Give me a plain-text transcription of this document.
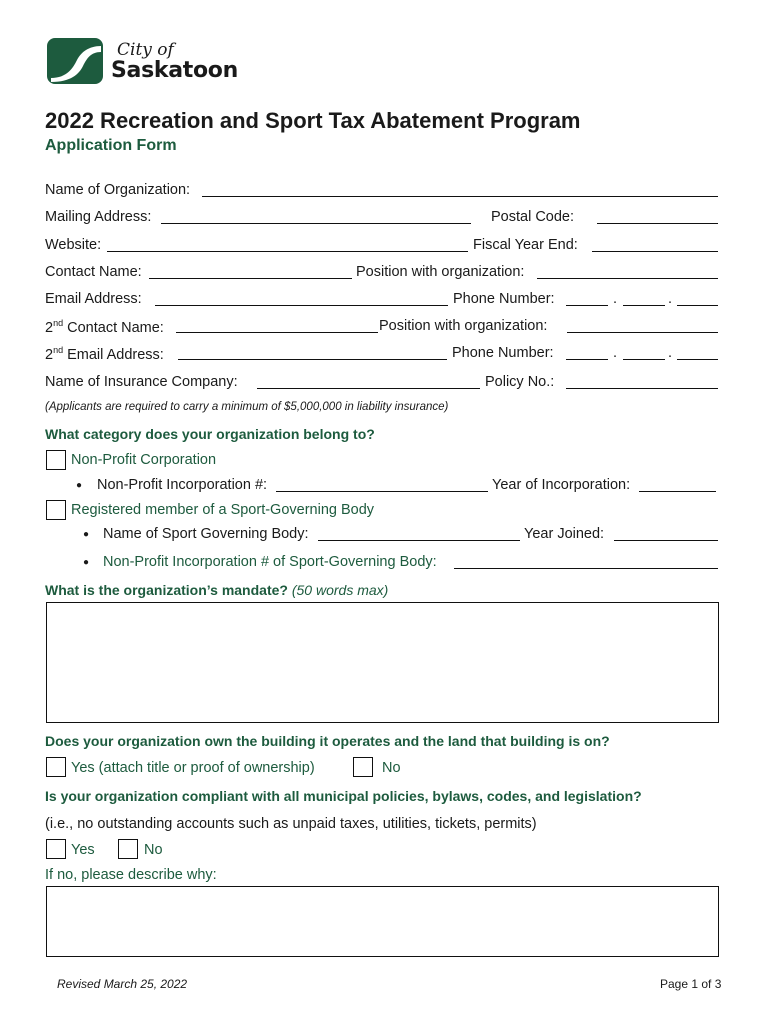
City of
Saskatoon
2022 Recreation and Sport Tax Abatement Program
Application Form
Name of Organization:
Mailing Address:	Postal Code:
Website:	Fiscal Year End:
Contact Name:	Position with organization:
Email Address:	Phone Number:	.	.
2nd Contact Name:	Position with organization:
2nd Email Address:	Phone Number:	.	.
Name of Insurance Company:	Policy No.:
(Applicants are required to carry a minimum of $5,000,000 in liability insurance)
What category does your organization belong to?
Non-Profit Corporation
● Non-Profit Incorporation #:	Year of Incorporation:
Registered member of a Sport-Governing Body
● Name of Sport Governing Body:	Year Joined:
● Non-Profit Incorporation # of Sport-Governing Body:
What is the organization’s mandate? (50 words max)
Does your organization own the building it operates and the land that building is on?
Yes (attach title or proof of ownership)	No
Is your organization compliant with all municipal policies, bylaws, codes, and legislation?
(i.e., no outstanding accounts such as unpaid taxes, utilities, tickets, permits)
Yes	No
If no, please describe why:
Revised March 25, 2022	Page 1 of 3
